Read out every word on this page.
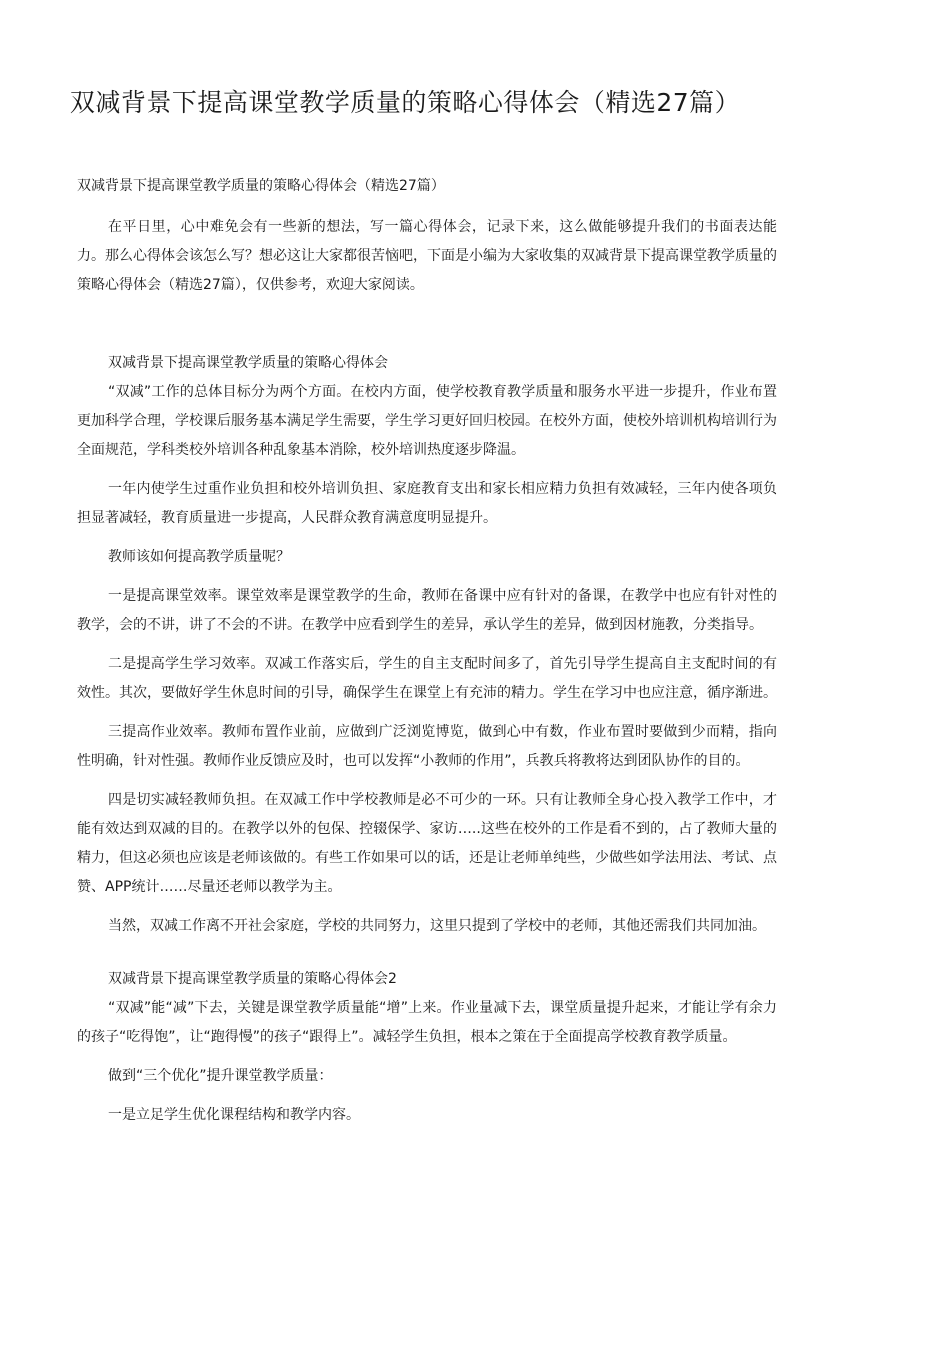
双减背景下提高课堂教学质量的策略心得体会（精选27篇）
双减背景下提高课堂教学质量的策略心得体会（精选27篇）

在平日里，心中难免会有一些新的想法，写一篇心得体会，记录下来，这么做能够提升我们的书面表达能力。那么心得体会该怎么写？想必这让大家都很苦恼吧，下面是小编为大家收集的双减背景下提高课堂教学质量的策略心得体会（精选27篇），仅供参考，欢迎大家阅读。

双减背景下提高课堂教学质量的策略心得体会

“双减”工作的总体目标分为两个方面。在校内方面，使学校教育教学质量和服务水平进一步提升，作业布置更加科学合理，学校课后服务基本满足学生需要，学生学习更好回归校园。在校外方面，使校外培训机构培训行为全面规范，学科类校外培训各种乱象基本消除，校外培训热度逐步降温。

一年内使学生过重作业负担和校外培训负担、家庭教育支出和家长相应精力负担有效减轻，三年内使各项负担显著减轻，教育质量进一步提高，人民群众教育满意度明显提升。

教师该如何提高教学质量呢？

一是提高课堂效率。课堂效率是课堂教学的生命，教师在备课中应有针对的备课，在教学中也应有针对性的教学，会的不讲，讲了不会的不讲。在教学中应看到学生的差异，承认学生的差异，做到因材施教，分类指导。

二是提高学生学习效率。双减工作落实后，学生的自主支配时间多了，首先引导学生提高自主支配时间的有效性。其次，要做好学生休息时间的引导，确保学生在课堂上有充沛的精力。学生在学习中也应注意，循序渐进。

三提高作业效率。教师布置作业前，应做到广泛浏览博览，做到心中有数，作业布置时要做到少而精，指向性明确，针对性强。教师作业反馈应及时，也可以发挥“小教师的作用”，兵教兵将教将达到团队协作的目的。

四是切实减轻教师负担。在双减工作中学校教师是必不可少的一环。只有让教师全身心投入教学工作中，才能有效达到双减的目的。在教学以外的包保、控辍保学、家访…..这些在校外的工作是看不到的，占了教师大量的精力，但这必须也应该是老师该做的。有些工作如果可以的话，还是让老师单纯些，少做些如学法用法、考试、点赞、APP统计……尽量还老师以教学为主。

当然，双减工作离不开社会家庭，学校的共同努力，这里只提到了学校中的老师，其他还需我们共同加油。

双减背景下提高课堂教学质量的策略心得体会2

“双减”能“减”下去，关键是课堂教学质量能“增”上来。作业量减下去，课堂质量提升起来，才能让学有余力的孩子“吃得饱”，让“跑得慢”的孩子“跟得上”。减轻学生负担，根本之策在于全面提高学校教育教学质量。

做到“三个优化”提升课堂教学质量：

一是立足学生优化课程结构和教学内容。
